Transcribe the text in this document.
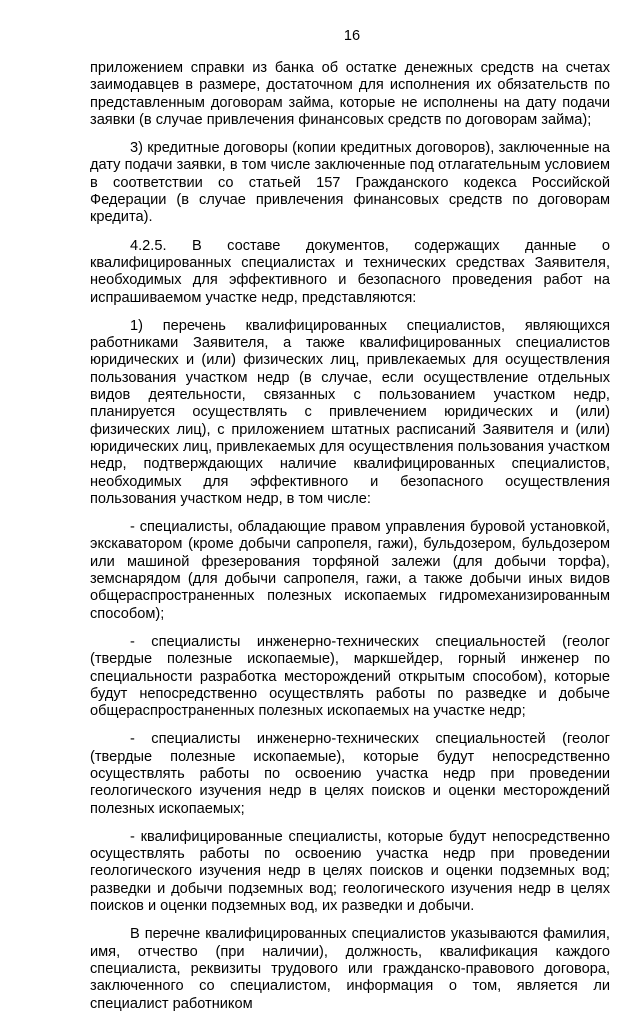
16

приложением справки из банка об остатке денежных средств на счетах заимодавцев в размере, достаточном для исполнения их обязательств по представленным договорам займа, которые не исполнены на дату подачи заявки (в случае привлечения финансовых средств по договорам займа);

3) кредитные договоры (копии кредитных договоров), заключенные на дату подачи заявки, в том числе заключенные под отлагательным условием в соответствии со статьей 157 Гражданского кодекса Российской Федерации (в случае привлечения финансовых средств по договорам кредита).

4.2.5. В составе документов, содержащих данные о квалифицированных специалистах и технических средствах Заявителя, необходимых для эффективного и безопасного проведения работ на испрашиваемом участке недр, представляются:

1) перечень квалифицированных специалистов, являющихся работниками Заявителя, а также квалифицированных специалистов юридических и (или) физических лиц, привлекаемых для осуществления пользования участком недр (в случае, если осуществление отдельных видов деятельности, связанных с пользованием участком недр, планируется осуществлять с привлечением юридических и (или) физических лиц), с приложением штатных расписаний Заявителя и (или) юридических лиц, привлекаемых для осуществления пользования участком недр, подтверждающих наличие квалифицированных специалистов, необходимых для эффективного и безопасного осуществления пользования участком недр, в том числе:

- специалисты, обладающие правом управления буровой установкой, экскаватором (кроме добычи сапропеля, гажи), бульдозером, бульдозером или машиной фрезерования торфяной залежи (для добычи торфа), земснарядом (для добычи сапропеля, гажи, а также добычи иных видов общераспространенных полезных ископаемых гидромеханизированным способом);

- специалисты инженерно-технических специальностей (геолог (твердые полезные ископаемые), маркшейдер, горный инженер по специальности разработка месторождений открытым способом), которые будут непосредственно осуществлять работы по разведке и добыче общераспространенных полезных ископаемых на участке недр;

- специалисты инженерно-технических специальностей (геолог (твердые полезные ископаемые), которые будут непосредственно осуществлять работы по освоению участка недр при проведении геологического изучения недр в целях поисков и оценки месторождений полезных ископаемых;

- квалифицированные специалисты, которые будут непосредственно осуществлять работы по освоению участка недр при проведении геологического изучения недр в целях поисков и оценки подземных вод; разведки и добычи подземных вод; геологического изучения недр в целях поисков и оценки подземных вод, их разведки и добычи.

В перечне квалифицированных специалистов указываются фамилия, имя, отчество (при наличии), должность, квалификация каждого специалиста, реквизиты трудового или гражданско-правового договора, заключенного со специалистом, информация о том, является ли специалист работником
